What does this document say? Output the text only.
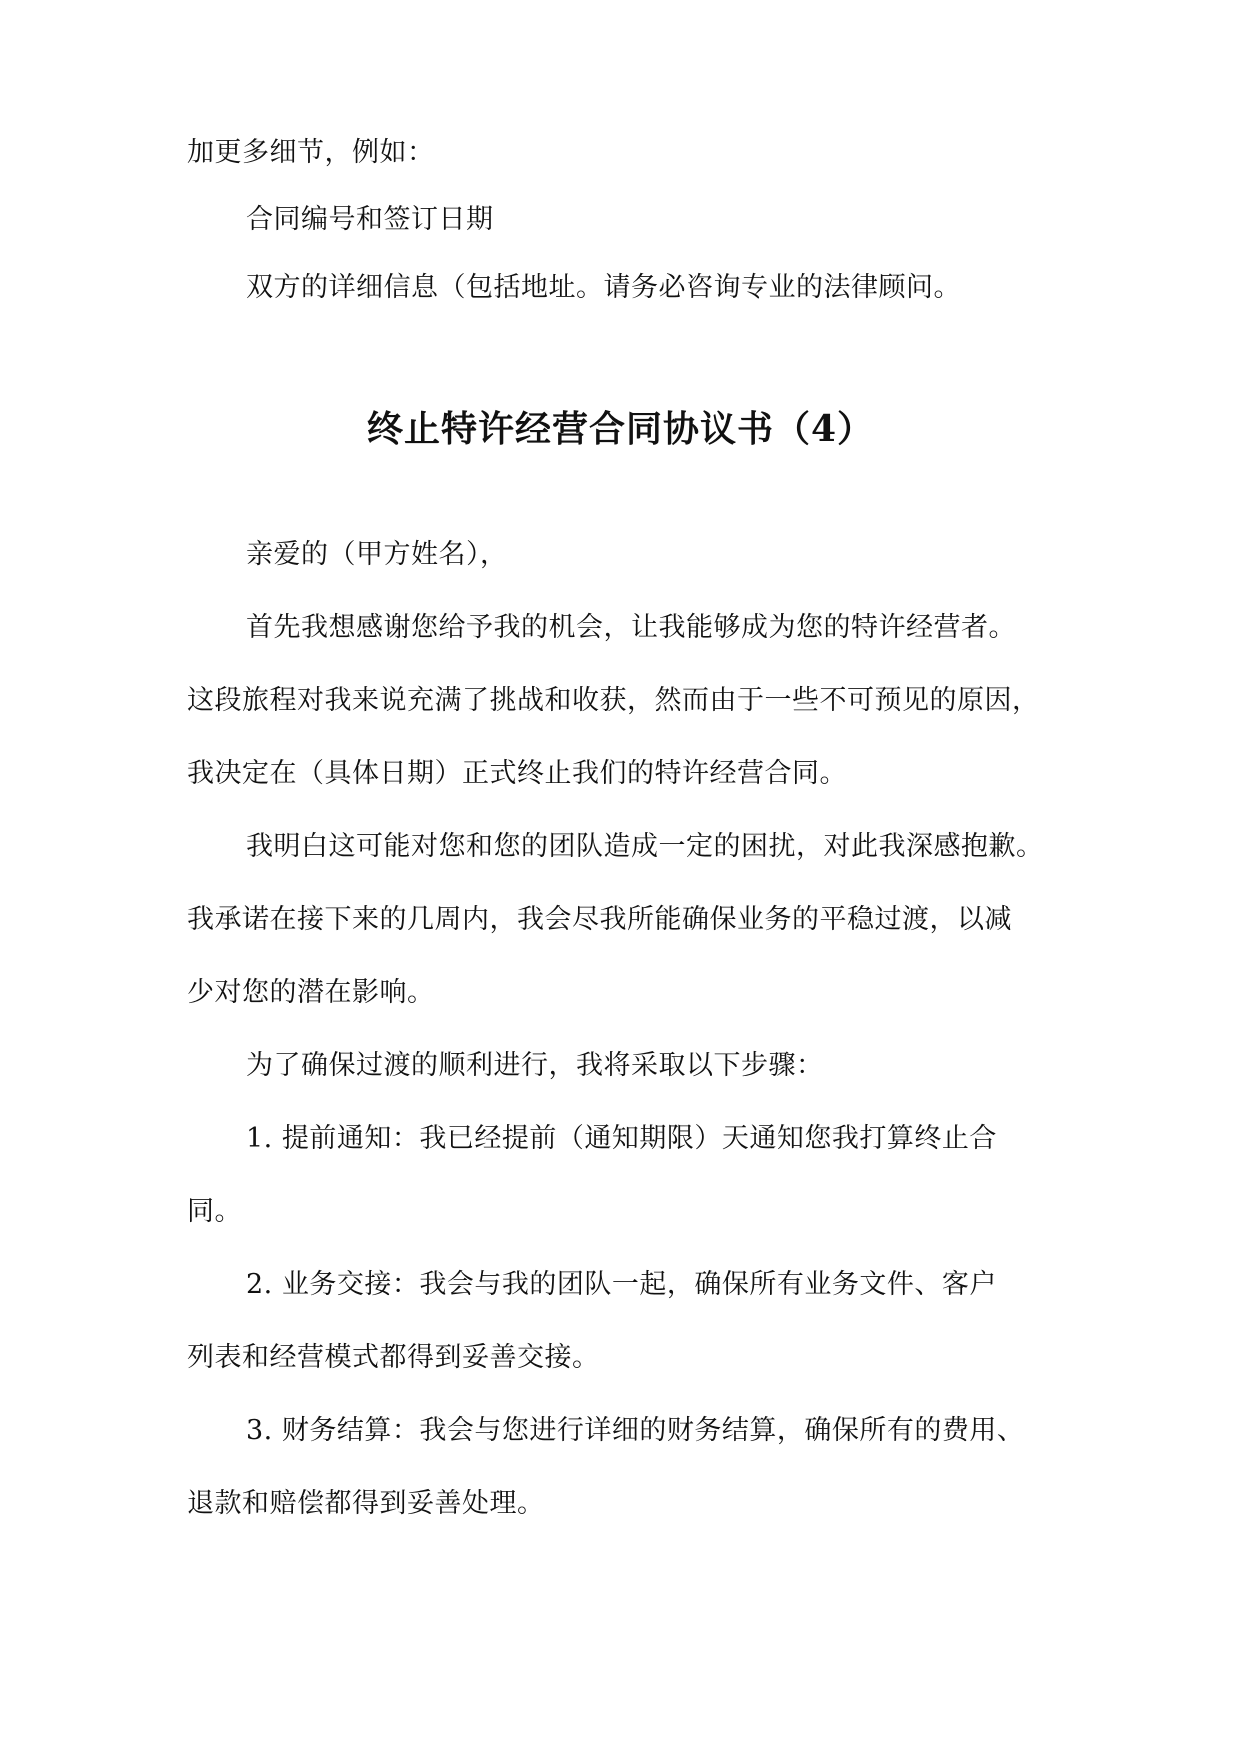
加更多细节，例如：
合同编号和签订日期
双方的详细信息（包括地址。请务必咨询专业的法律顾问。
终止特许经营合同协议书（4）
亲爱的（甲方姓名），
首先我想感谢您给予我的机会，让我能够成为您的特许经营者。
这段旅程对我来说充满了挑战和收获，然而由于一些不可预见的原因，
我决定在（具体日期）正式终止我们的特许经营合同。
我明白这可能对您和您的团队造成一定的困扰，对此我深感抱歉。
我承诺在接下来的几周内，我会尽我所能确保业务的平稳过渡，以减
少对您的潜在影响。
为了确保过渡的顺利进行，我将采取以下步骤：
1. 提前通知：我已经提前（通知期限）天通知您我打算终止合
同。
2. 业务交接：我会与我的团队一起，确保所有业务文件、客户
列表和经营模式都得到妥善交接。
3. 财务结算：我会与您进行详细的财务结算，确保所有的费用、
退款和赔偿都得到妥善处理。
